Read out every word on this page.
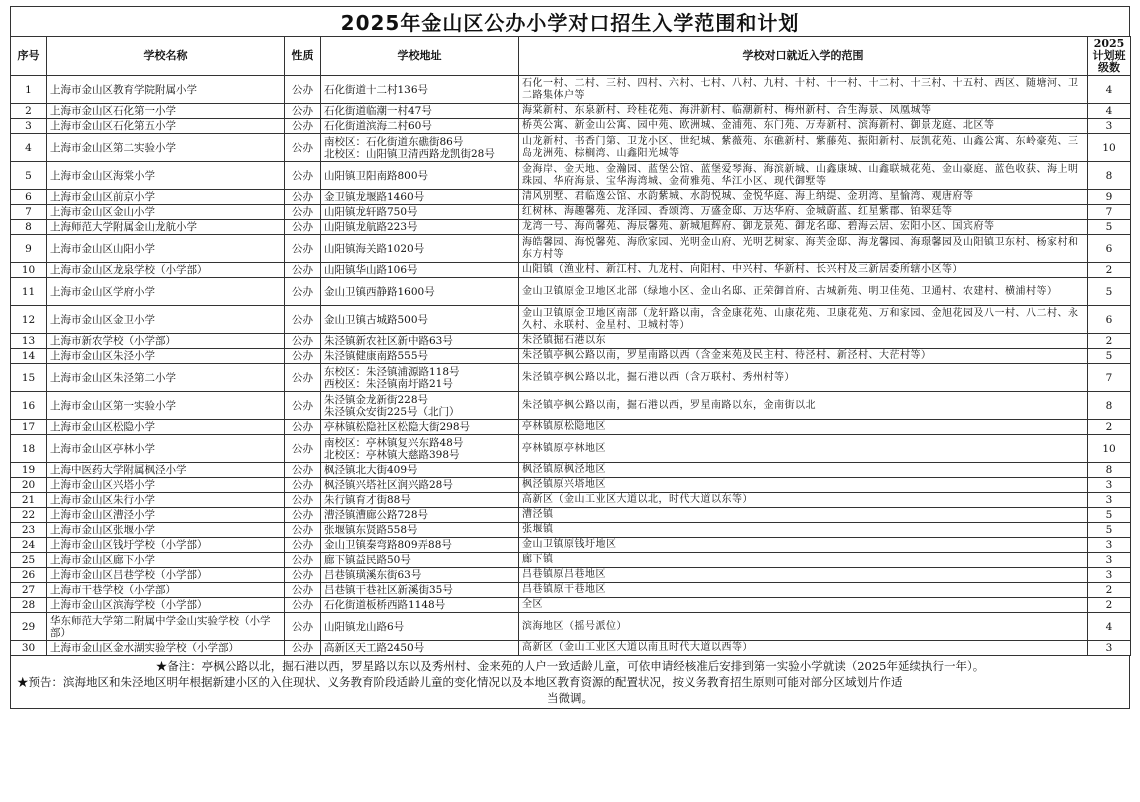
2025年金山区公办小学对口招生入学范围和计划
序号	学校名称	性质	学校地址	学校对口就近入学的范围	2025
计划班
级数

1	上海市金山区教育学院附属小学	公办	石化街道十二村136号	石化一村、二村、三村、四村、六村、七村、八村、九村、十村、十一村、十二村、十三村、十五村、西区、随塘河、卫二路集体户等	4
2	上海市金山区石化第一小学	公办	石化街道临潮一村47号	海棠新村、东泉新村、玲桂花苑、海汫新村、临潮新村、梅州新村、合生海景、凤凰城等	4
3	上海市金山区石化第五小学	公办	石化街道滨海二村60号	桥英公寓、新金山公寓、园中苑、欧洲城、金浦苑、东门苑、万寿新村、滨海新村、御景龙庭、北区等	3
4	上海市金山区第二实验小学	公办	南校区：石化街道东礁街86号
北校区：山阳镇卫清西路龙凯街28号	山龙新村、书香门第、卫龙小区、世纪城、紫薇苑、东礁新村、紫藤苑、振阳新村、辰凯花苑、山鑫公寓、东岭豪苑、三岛龙洲苑、棕榈湾、山鑫阳光城等	10
5	上海市金山区海棠小学	公办	山阳镇卫阳南路800号	金海岸、金天地、金瀚园、蓝堡公馆、蓝堡爱琴海、海滨新城、山鑫康城、山鑫联城花苑、金山豪庭、蓝色收获、海上明珠园、华府海景、宝华海湾城、金荷雅苑、华江小区、现代御墅等	8
6	上海市金山区前京小学	公办	金卫镇龙堰路1460号	清风别墅、君临逸公馆、水韵紫城、水韵悦城、金悦华庭、海上纳缇、金玥湾、星愉湾、观唐府等	9
7	上海市金山区金山小学	公办	山阳镇龙轩路750号	红树林、海趣馨苑、龙泽园、香颂湾、万盛金邸、万达华府、金城蔚蓝、红星紫郡、铂翠廷等	7
8	上海师范大学附属金山龙航小学	公办	山阳镇龙航路223号	龙湾一号、海尚馨苑、海辰馨苑、新城旭辉府、御龙景苑、御龙名邸、碧海云居、宏阳小区、国宾府等	5
9	上海市金山区山阳小学	公办	山阳镇海关路1020号	海皓馨园、海悦馨苑、海欣家园、光明金山府、光明艺树家、海芙金邸、海龙馨园、海璟馨园及山阳镇卫东村、杨家村和东方村等	6
10	上海市金山区龙泉学校（小学部）	公办	山阳镇华山路106号	山阳镇（渔业村、新江村、九龙村、向阳村、中兴村、华新村、长兴村及三新居委所辖小区等）	2
11	上海市金山区学府小学	公办	金山卫镇西静路1600号	金山卫镇原金卫地区北部（绿地小区、金山名邸、正荣御首府、古城新苑、明卫佳苑、卫通村、农建村、横浦村等）	5
12	上海市金山区金卫小学	公办	金山卫镇古城路500号	金山卫镇原金卫地区南部（龙轩路以南，含金康花苑、山康花苑、卫康花苑、万和家园、金旭花园及八一村、八二村、永久村、永联村、金星村、卫城村等）	6
13	上海市新农学校（小学部）	公办	朱泾镇新农社区新中路63号	朱泾镇掘石港以东	2
14	上海市金山区朱泾小学	公办	朱泾镇健康南路555号	朱泾镇亭枫公路以南，罗星南路以西（含金来苑及民主村、待泾村、新泾村、大茫村等）	5
15	上海市金山区朱泾第二小学	公办	东校区：朱泾镇浦源路118号
西校区：朱泾镇南圩路21号	朱泾镇亭枫公路以北，掘石港以西（含万联村、秀州村等）	7
16	上海市金山区第一实验小学	公办	朱泾镇金龙新街228号
朱泾镇众安街225号（北门）	朱泾镇亭枫公路以南，掘石港以西，罗星南路以东，金南街以北	8
17	上海市金山区松隐小学	公办	亭林镇松隐社区松隐大街298号	亭林镇原松隐地区	2
18	上海市金山区亭林小学	公办	南校区：亭林镇复兴东路48号
北校区：亭林镇大慈路398号	亭林镇原亭林地区	10
19	上海中医药大学附属枫泾小学	公办	枫泾镇北大街409号	枫泾镇原枫泾地区	8
20	上海市金山区兴塔小学	公办	枫泾镇兴塔社区润兴路28号	枫泾镇原兴塔地区	3
21	上海市金山区朱行小学	公办	朱行镇育才街88号	高新区（金山工业区大道以北，时代大道以东等）	3
22	上海市金山区漕泾小学	公办	漕泾镇漕廊公路728号	漕泾镇	5
23	上海市金山区张堰小学	公办	张堰镇东贤路558号	张堰镇	5
24	上海市金山区钱圩学校（小学部）	公办	金山卫镇秦弯路809弄88号	金山卫镇原钱圩地区	3
25	上海市金山区廊下小学	公办	廊下镇益民路50号	廊下镇	3
26	上海市金山区吕巷学校（小学部）	公办	吕巷镇璜溪东街63号	吕巷镇原吕巷地区	3
27	上海市干巷学校（小学部）	公办	吕巷镇干巷社区新溪街35号	吕巷镇原干巷地区	2
28	上海市金山区滨海学校（小学部）	公办	石化街道板桥西路1148号	全区	2
29	华东师范大学第二附属中学金山实验学校（小学部）	公办	山阳镇龙山路6号	滨海地区（摇号派位）	4
30	上海市金山区金水湖实验学校（小学部）	公办	高新区天工路2450号	高新区（金山工业区大道以南且时代大道以西等）	3
★备注：亭枫公路以北，掘石港以西，罗星路以东以及秀州村、金来苑的人户一致适龄儿童，可依申请经核准后安排到第一实验小学就读（2025年延续执行一年）。
★预告：滨海地区和朱泾地区明年根据新建小区的入住现状、义务教育阶段适龄儿童的变化情况以及本地区教育资源的配置状况，按义务教育招生原则可能对部分区域划片作适
当微调。
